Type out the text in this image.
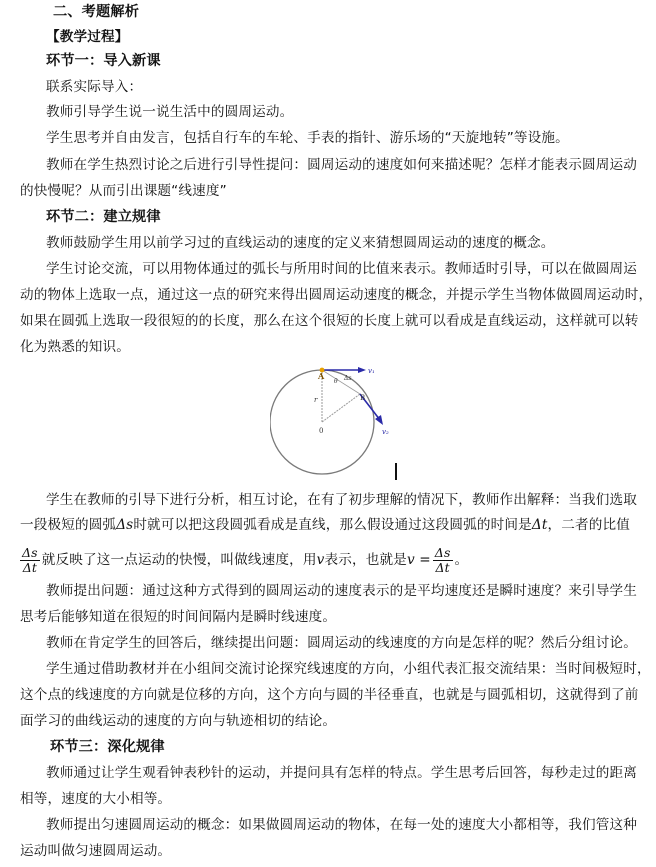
二、考题解析
【教学过程】
环节一：导入新课
联系实际导入：
教师引导学生说一说生活中的圆周运动。
学生思考并自由发言，包括自行车的车轮、手表的指针、游乐场的“天旋地转”等设施。
教师在学生热烈讨论之后进行引导性提问：圆周运动的速度如何来描述呢？怎样才能表示圆周运动
的快慢呢？从而引出课题“线速度”
环节二：建立规律
教师鼓励学生用以前学习过的直线运动的速度的定义来猜想圆周运动的速度的概念。
学生讨论交流，可以用物体通过的弧长与所用时间的比值来表示。教师适时引导，可以在做圆周运
动的物体上选取一点，通过这一点的研究来得出圆周运动速度的概念，并提示学生当物体做圆周运动时，
如果在圆弧上选取一段很短的的长度，那么在这个很短的长度上就可以看成是直线运动，这样就可以转
化为熟悉的知识。
A
B
0
r
v₁
v₂
Δs
θ
学生在教师的引导下进行分析，相互讨论，在有了初步理解的情况下，教师作出解释：当我们选取
一段极短的圆弧Δs时就可以把这段圆弧看成是直线，那么假设通过这段圆弧的时间是Δt，二者的比值
$\frac{\Delta s}{\Delta t}$ 就反映了这一点运动的快慢，叫做线速度，用v表示，也就是$v = \frac{\Delta s}{\Delta t}$ 。
教师提出问题：通过这种方式得到的圆周运动的速度表示的是平均速度还是瞬时速度？来引导学生
思考后能够知道在很短的时间间隔内是瞬时线速度。
教师在肯定学生的回答后，继续提出问题：圆周运动的线速度的方向是怎样的呢？然后分组讨论。
学生通过借助教材并在小组间交流讨论探究线速度的方向，小组代表汇报交流结果：当时间极短时，
这个点的线速度的方向就是位移的方向，这个方向与圆的半径垂直，也就是与圆弧相切，这就得到了前
面学习的曲线运动的速度的方向与轨迹相切的结论。
环节三：深化规律
教师通过让学生观看钟表秒针的运动，并提问具有怎样的特点。学生思考后回答，每秒走过的距离
相等，速度的大小相等。
教师提出匀速圆周运动的概念：如果做圆周运动的物体，在每一处的速度大小都相等，我们管这种
运动叫做匀速圆周运动。
